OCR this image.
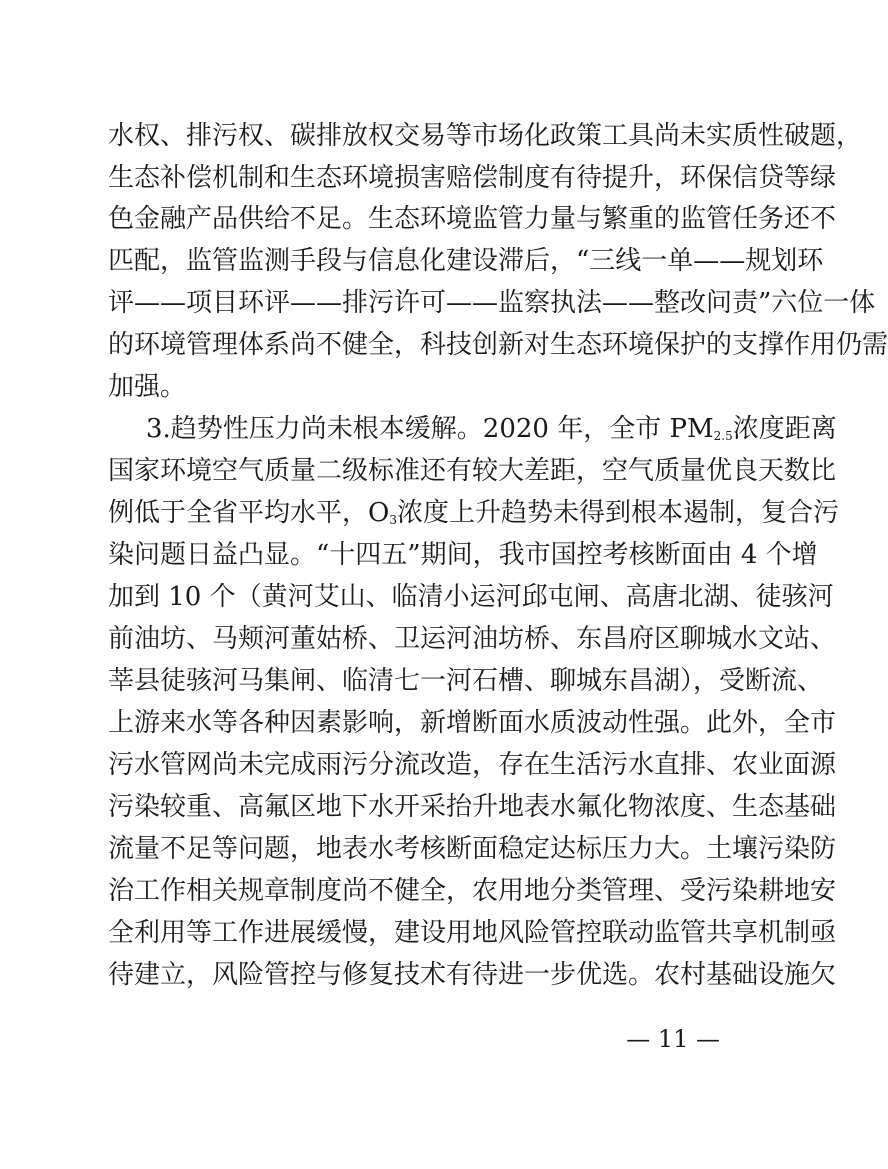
水权、排污权、碳排放权交易等市场化政策工具尚未实质性破题，
生态补偿机制和生态环境损害赔偿制度有待提升，环保信贷等绿
色金融产品供给不足。生态环境监管力量与繁重的监管任务还不
匹配，监管监测手段与信息化建设滞后，“三线一单——规划环
评——项目环评——排污许可——监察执法——整改问责”六位一体
的环境管理体系尚不健全，科技创新对生态环境保护的支撑作用仍需
加强。
3.趋势性压力尚未根本缓解。2020 年，全市 $PM_{2.5}$浓度距离
国家环境空气质量二级标准还有较大差距，空气质量优良天数比
例低于全省平均水平，$O_3$浓度上升趋势未得到根本遏制，复合污
染问题日益凸显。“十四五”期间，我市国控考核断面由 4 个增
加到 10 个（黄河艾山、临清小运河邱屯闸、高唐北湖、徒骇河
前油坊、马颊河董姑桥、卫运河油坊桥、东昌府区聊城水文站、
莘县徒骇河马集闸、临清七一河石槽、聊城东昌湖），受断流、
上游来水等各种因素影响，新增断面水质波动性强。此外，全市
污水管网尚未完成雨污分流改造，存在生活污水直排、农业面源
污染较重、高氟区地下水开采抬升地表水氟化物浓度、生态基础
流量不足等问题，地表水考核断面稳定达标压力大。土壤污染防
治工作相关规章制度尚不健全，农用地分类管理、受污染耕地安
全利用等工作进展缓慢，建设用地风险管控联动监管共享机制亟
待建立，风险管控与修复技术有待进一步优选。农村基础设施欠
— 11 —
